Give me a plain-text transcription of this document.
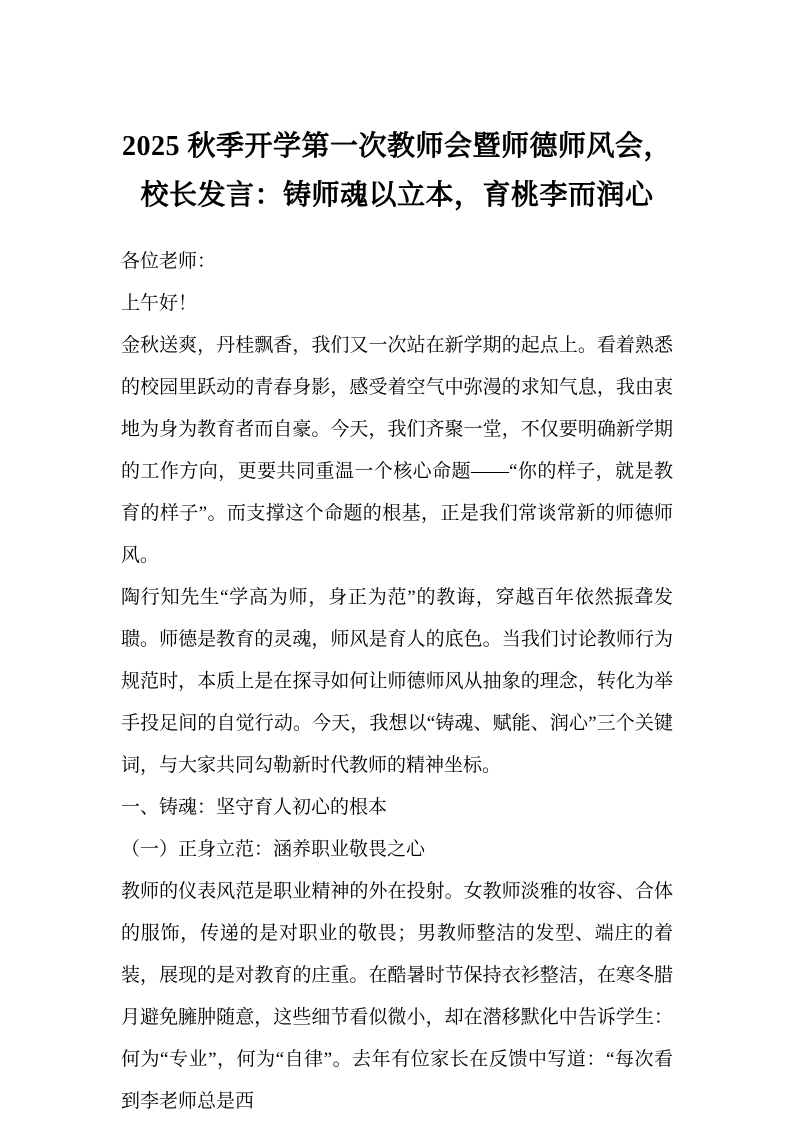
2025 秋季开学第一次教师会暨师德师风会，
校长发言：铸师魂以立本，育桃李而润心

各位老师：

上午好！

金秋送爽，丹桂飘香，我们又一次站在新学期的起点上。看着熟悉的校园里跃动的青春身影，感受着空气中弥漫的求知气息，我由衷地为身为教育者而自豪。今天，我们齐聚一堂，不仅要明确新学期的工作方向，更要共同重温一个核心命题——“你的样子，就是教育的样子”。而支撑这个命题的根基，正是我们常谈常新的师德师风。

陶行知先生“学高为师，身正为范”的教诲，穿越百年依然振聋发聩。师德是教育的灵魂，师风是育人的底色。当我们讨论教师行为规范时，本质上是在探寻如何让师德师风从抽象的理念，转化为举手投足间的自觉行动。今天，我想以“铸魂、赋能、润心”三个关键词，与大家共同勾勒新时代教师的精神坐标。

一、铸魂：坚守育人初心的根本

（一）正身立范：涵养职业敬畏之心

教师的仪表风范是职业精神的外在投射。女教师淡雅的妆容、合体的服饰，传递的是对职业的敬畏；男教师整洁的发型、端庄的着装，展现的是对教育的庄重。在酷暑时节保持衣衫整洁，在寒冬腊月避免臃肿随意，这些细节看似微小，却在潜移默化中告诉学生：何为“专业”，何为“自律”。去年有位家长在反馈中写道：“每次看到李老师总是西
